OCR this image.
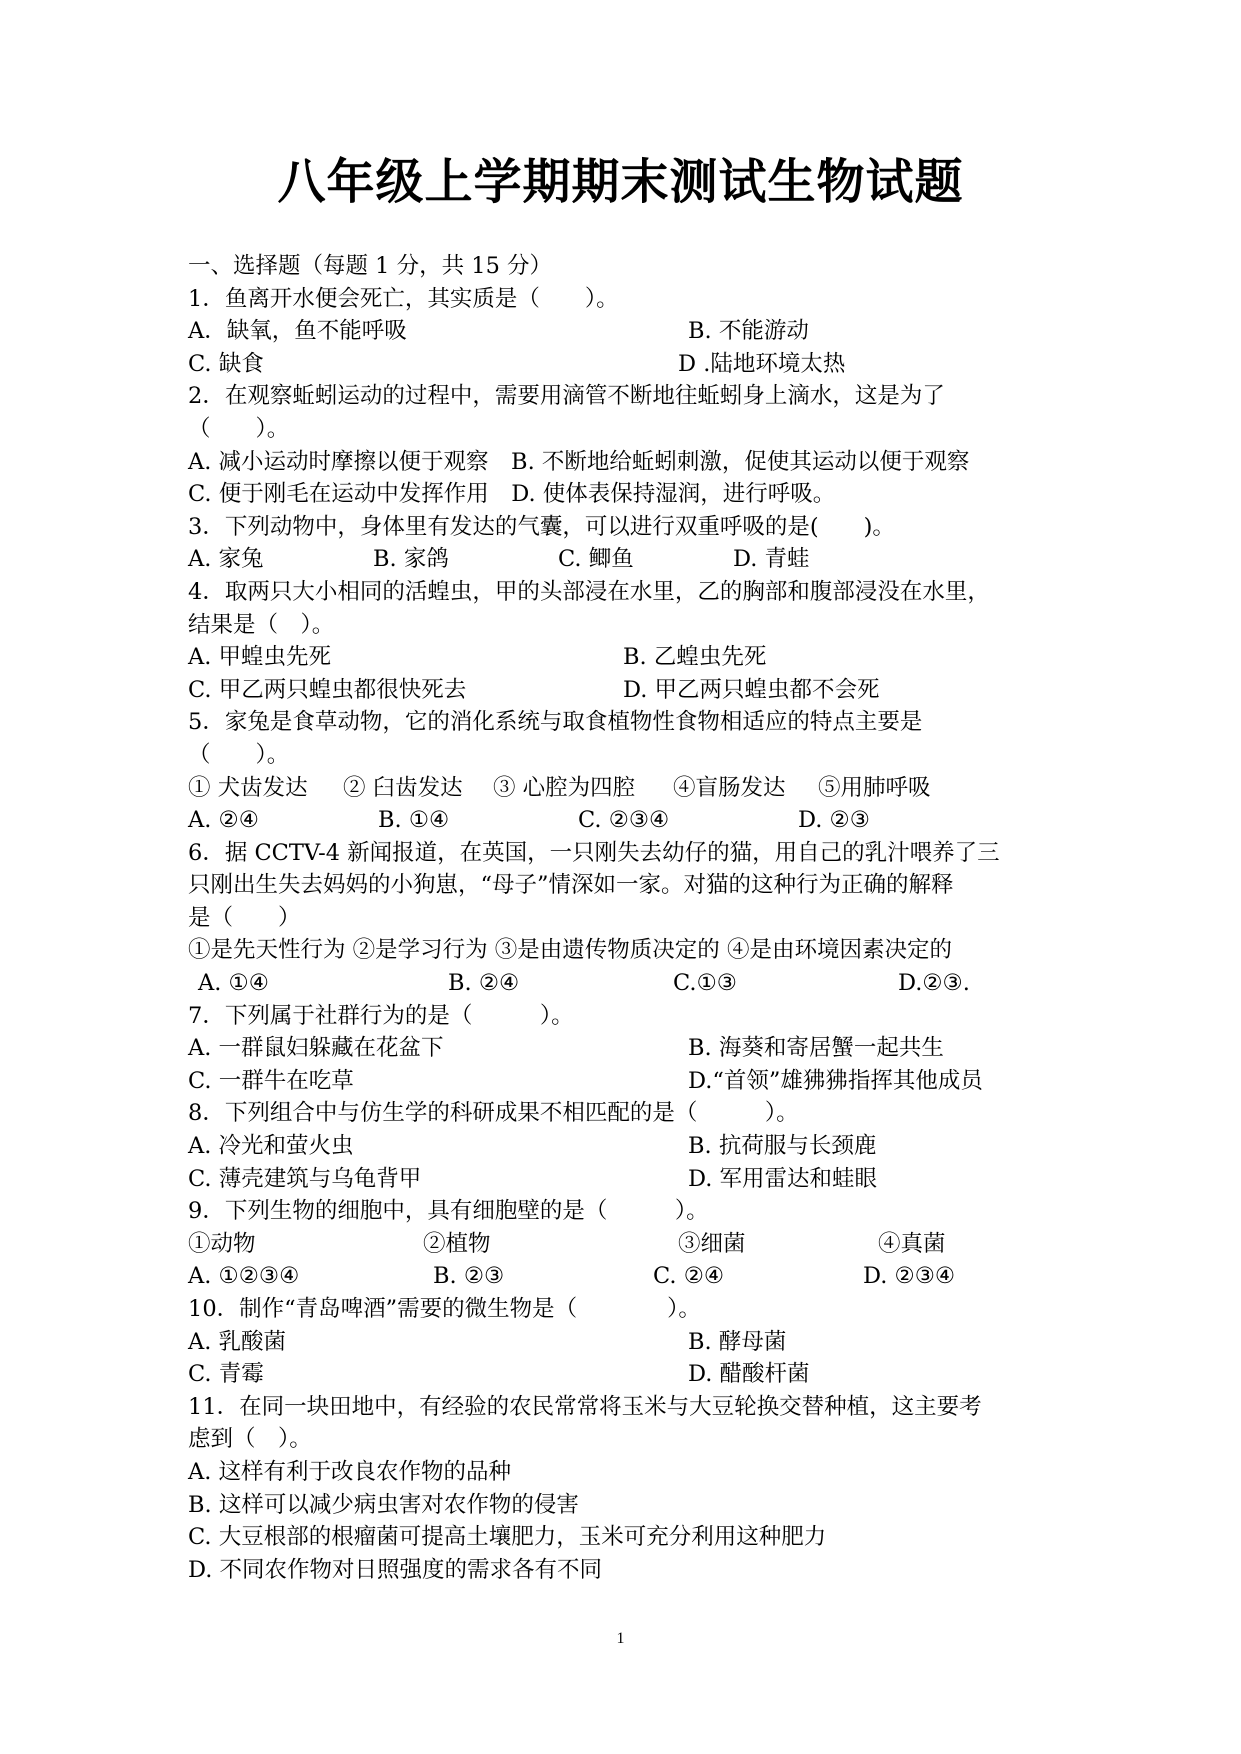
八年级上学期期末测试生物试题
一、选择题（每题 1 分，共 15 分）
1．鱼离开水便会死亡，其实质是（　　）。

A．缺氧，鱼不能呼吸

	B. 不能游动

C. 缺食

	D .陆地环境太热

2．在观察蚯蚓运动的过程中，需要用滴管不断地往蚯蚓身上滴水，这是为了
（　　）。
A. 减小运动时摩擦以便于观察　B. 不断地给蚯蚓刺激，促使其运动以便于观察
C. 便于刚毛在运动中发挥作用　D. 使体表保持湿润，进行呼吸。
3．下列动物中，身体里有发达的气囊，可以进行双重呼吸的是(　　)。

A. 家兔

	B. 家鸽

	C. 鲫鱼

	D. 青蛙

4．取两只大小相同的活蝗虫，甲的头部浸在水里，乙的胸部和腹部浸没在水里，
结果是（　）。

A. 甲蝗虫先死

	B. 乙蝗虫先死

C. 甲乙两只蝗虫都很快死去

	D. 甲乙两只蝗虫都不会死

5．家兔是食草动物，它的消化系统与取食植物性食物相适应的特点主要是
（　　）。

① 犬齿发达

② 臼齿发达

③ 心腔为四腔

④盲肠发达

⑤用肺呼吸

A. ②④

	B. ①④

	C. ②③④

	D. ②③

6．据 CCTV-4 新闻报道，在英国，一只刚失去幼仔的猫，用自己的乳汁喂养了三
只刚出生失去妈妈的小狗崽，“母子”情深如一家。对猫的这种行为正确的解释
是（　　）
①是先天性行为 ②是学习行为 ③是由遗传物质决定的 ④是由环境因素决定的

A. ①④

	B. ②④

	C.①③

	D.②③.

7．下列属于社群行为的是（　　　）。

A. 一群鼠妇躲藏在花盆下

	B. 海葵和寄居蟹一起共生

C. 一群牛在吃草

	D.“首领”雄狒狒指挥其他成员

8．下列组合中与仿生学的科研成果不相匹配的是（　　　）。

A. 冷光和萤火虫

	B. 抗荷服与长颈鹿

C. 薄壳建筑与乌龟背甲

	D. 军用雷达和蛙眼

9．下列生物的细胞中，具有细胞壁的是（　　　）。

①动物

	②植物

	③细菌

	④真菌

A. ①②③④

	B. ②③

	C. ②④

	D. ②③④

10．制作“青岛啤酒”需要的微生物是（　　　　）。

A. 乳酸菌

	B. 酵母菌

C. 青霉

	D. 醋酸杆菌

11．在同一块田地中，有经验的农民常常将玉米与大豆轮换交替种植，这主要考
虑到（　）。
A. 这样有利于改良农作物的品种
B. 这样可以减少病虫害对农作物的侵害
C. 大豆根部的根瘤菌可提高土壤肥力，玉米可充分利用这种肥力
D. 不同农作物对日照强度的需求各有不同
1
